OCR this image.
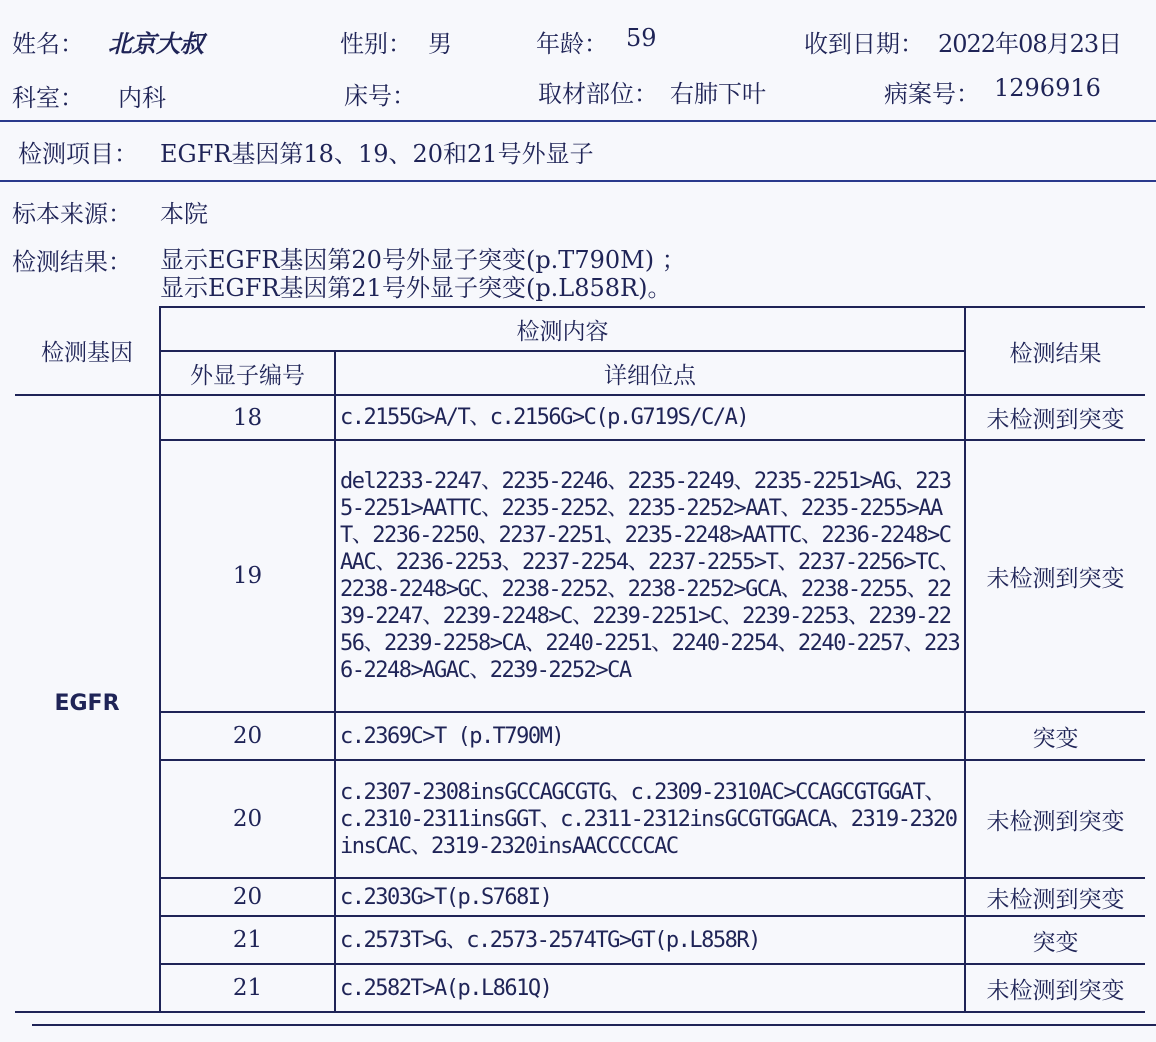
姓名： 北京大叔	性别： 男	年龄： 59	收到日期： 2022年08月23日
科室： 内科	床号：	取材部位： 右肺下叶	病案号： 1296916
检测项目： EGFR基因第18、19、20和21号外显子
标本来源： 本院
检测结果： 显示EGFR基因第20号外显子突变(p.T790M) ；
显示EGFR基因第21号外显子突变(p.L858R)。
检测基因	检测内容		检测结果
	外显子编号	详细位点	
EGFR	18	c.2155G>A/T、c.2156G>C(p.G719S/C/A)	未检测到突变
	19	del2233-2247、2235-2246、2235-2249、2235-2251>AG、2235-2251>AATTC、2235-2252、2235-2252>AAT、2235-2255>AAT、2236-2250、2237-2251、2235-2248>AATTC、2236-2248>CAAC、2236-2253、2237-2254、2237-2255>T、2237-2256>TC、2238-2248>GC、2238-2252、2238-2252>GCA、2238-2255、2239-2247、2239-2248>C、2239-2251>C、2239-2253、2239-2256、2239-2258>CA、2240-2251、2240-2254、2240-2257、2236-2248>AGAC、2239-2252>CA	未检测到突变
	20	c.2369C>T (p.T790M)	突变
	20	c.2307-2308insGCCAGCGTG、c.2309-2310AC>CCAGCGTGGAT、c.2310-2311insGGT、c.2311-2312insGCGTGGACA、2319-2320insCAC、2319-2320insAACCCCCAC	未检测到突变
	20	c.2303G>T(p.S768I)	未检测到突变
	21	c.2573T>G、c.2573-2574TG>GT(p.L858R)	突变
	21	c.2582T>A(p.L861Q)	未检测到突变
